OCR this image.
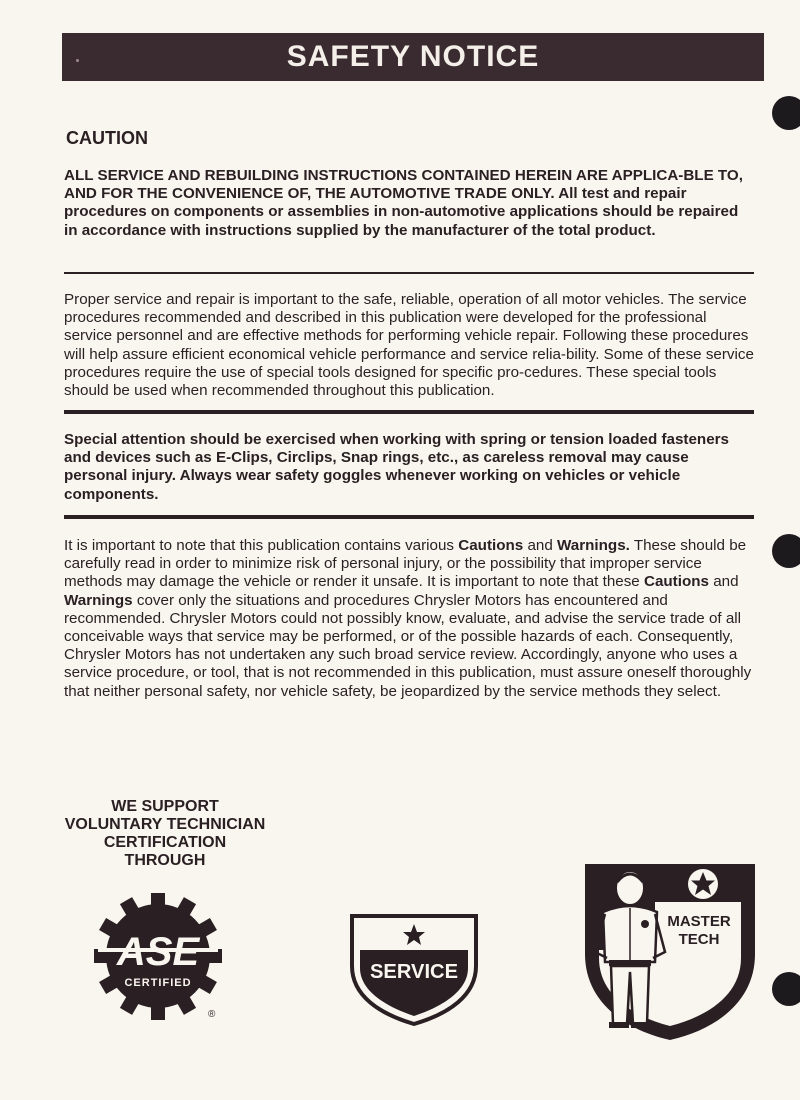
SAFETY NOTICE
CAUTION

ALL SERVICE AND REBUILDING INSTRUCTIONS CONTAINED HEREIN ARE APPLICA-BLE TO, AND FOR THE CONVENIENCE OF, THE AUTOMOTIVE TRADE ONLY. All test and repair procedures on components or assemblies in non-automotive applications should be repaired in accordance with instructions supplied by the manufacturer of the total product.

Proper service and repair is important to the safe, reliable, operation of all motor vehicles. The service procedures recommended and described in this publication were developed for the professional service personnel and are effective methods for performing vehicle repair. Following these procedures will help assure efficient economical vehicle performance and service relia-bility. Some of these service procedures require the use of special tools designed for specific pro-cedures. These special tools should be used when recommended throughout this publication.

Special attention should be exercised when working with spring or tension loaded fasteners and devices such as E-Clips, Circlips, Snap rings, etc., as careless removal may cause personal injury. Always wear safety goggles whenever working on vehicles or vehicle components.

It is important to note that this publication contains various Cautions and Warnings. These should be carefully read in order to minimize risk of personal injury, or the possibility that improper service methods may damage the vehicle or render it unsafe. It is important to note that these Cautions and Warnings cover only the situations and procedures Chrysler Motors has encountered and recommended. Chrysler Motors could not possibly know, evaluate, and advise the service trade of all conceivable ways that service may be performed, or of the possible hazards of each. Consequently, Chrysler Motors has not undertaken any such broad service review. Accordingly, anyone who uses a service procedure, or tool, that is not recommended in this publication, must assure oneself thoroughly that neither personal safety, nor vehicle safety, be jeopardized by the service methods they select.

WE SUPPORT
VOLUNTARY TECHNICIAN
CERTIFICATION
THROUGH
ASE
CERTIFIED
®
SERVICE
MASTER
TECH
